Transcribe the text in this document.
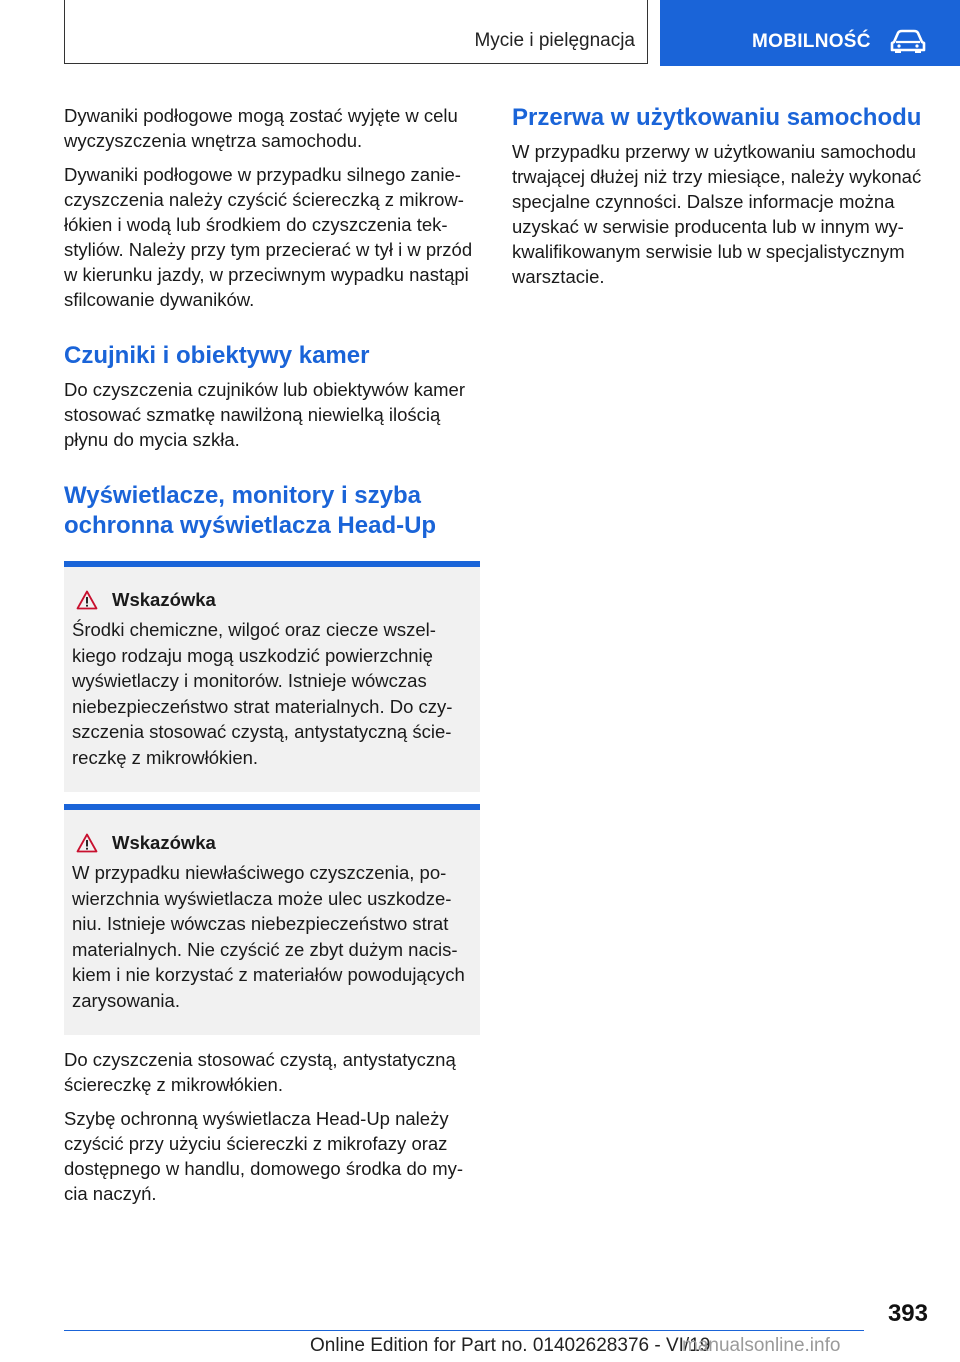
Mycie i pielęgnacja	MOBILNOŚĆ

Dywaniki podłogowe mogą zostać wyjęte w celu wyczyszczenia wnętrza samochodu.

Dywaniki podłogowe w przypadku silnego zanieczyszczenia należy czyścić ściereczką z mikrowłókien i wodą lub środkiem do czyszczenia tekstyliów. Należy przy tym przecierać w tył i w przód w kierunku jazdy, w przeciwnym wypadku nastąpi sfilcowanie dywaników.

Czujniki i obiektywy kamer

Do czyszczenia czujników lub obiektywów kamer stosować szmatkę nawilżoną niewielką ilością płynu do mycia szkła.

Wyświetlacze, monitory i szyba ochronna wyświetlacza Head-Up
Wskazówka

Środki chemiczne, wilgoć oraz ciecze wszelkiego rodzaju mogą uszkodzić powierzchnię wyświetlaczy i monitorów. Istnieje wówczas niebezpieczeństwo strat materialnych. Do czyszczenia stosować czystą, antystatyczną ściereczkę z mikrowłókien.

Wskazówka

W przypadku niewłaściwego czyszczenia, powierzchnia wyświetlacza może ulec uszkodzeniu. Istnieje wówczas niebezpieczeństwo strat materialnych. Nie czyścić ze zbyt dużym naciskiem i nie korzystać z materiałów powodujących zarysowania.

Do czyszczenia stosować czystą, antystatyczną ściereczkę z mikrowłókien.

Szybę ochronną wyświetlacza Head-Up należy czyścić przy użyciu ściereczki z mikrofazy oraz dostępnego w handlu, domowego środka do mycia naczyń.

Przerwa w użytkowaniu samochodu

W przypadku przerwy w użytkowaniu samochodu trwającej dłużej niż trzy miesiące, należy wykonać specjalne czynności. Dalsze informacje można uzyskać w serwisie producenta lub w innym wykwalifikowanym serwisie lub w specjalistycznym warsztacie.

393
Online Edition for Part no. 01402628376 - VI/19
manualsonline.info
